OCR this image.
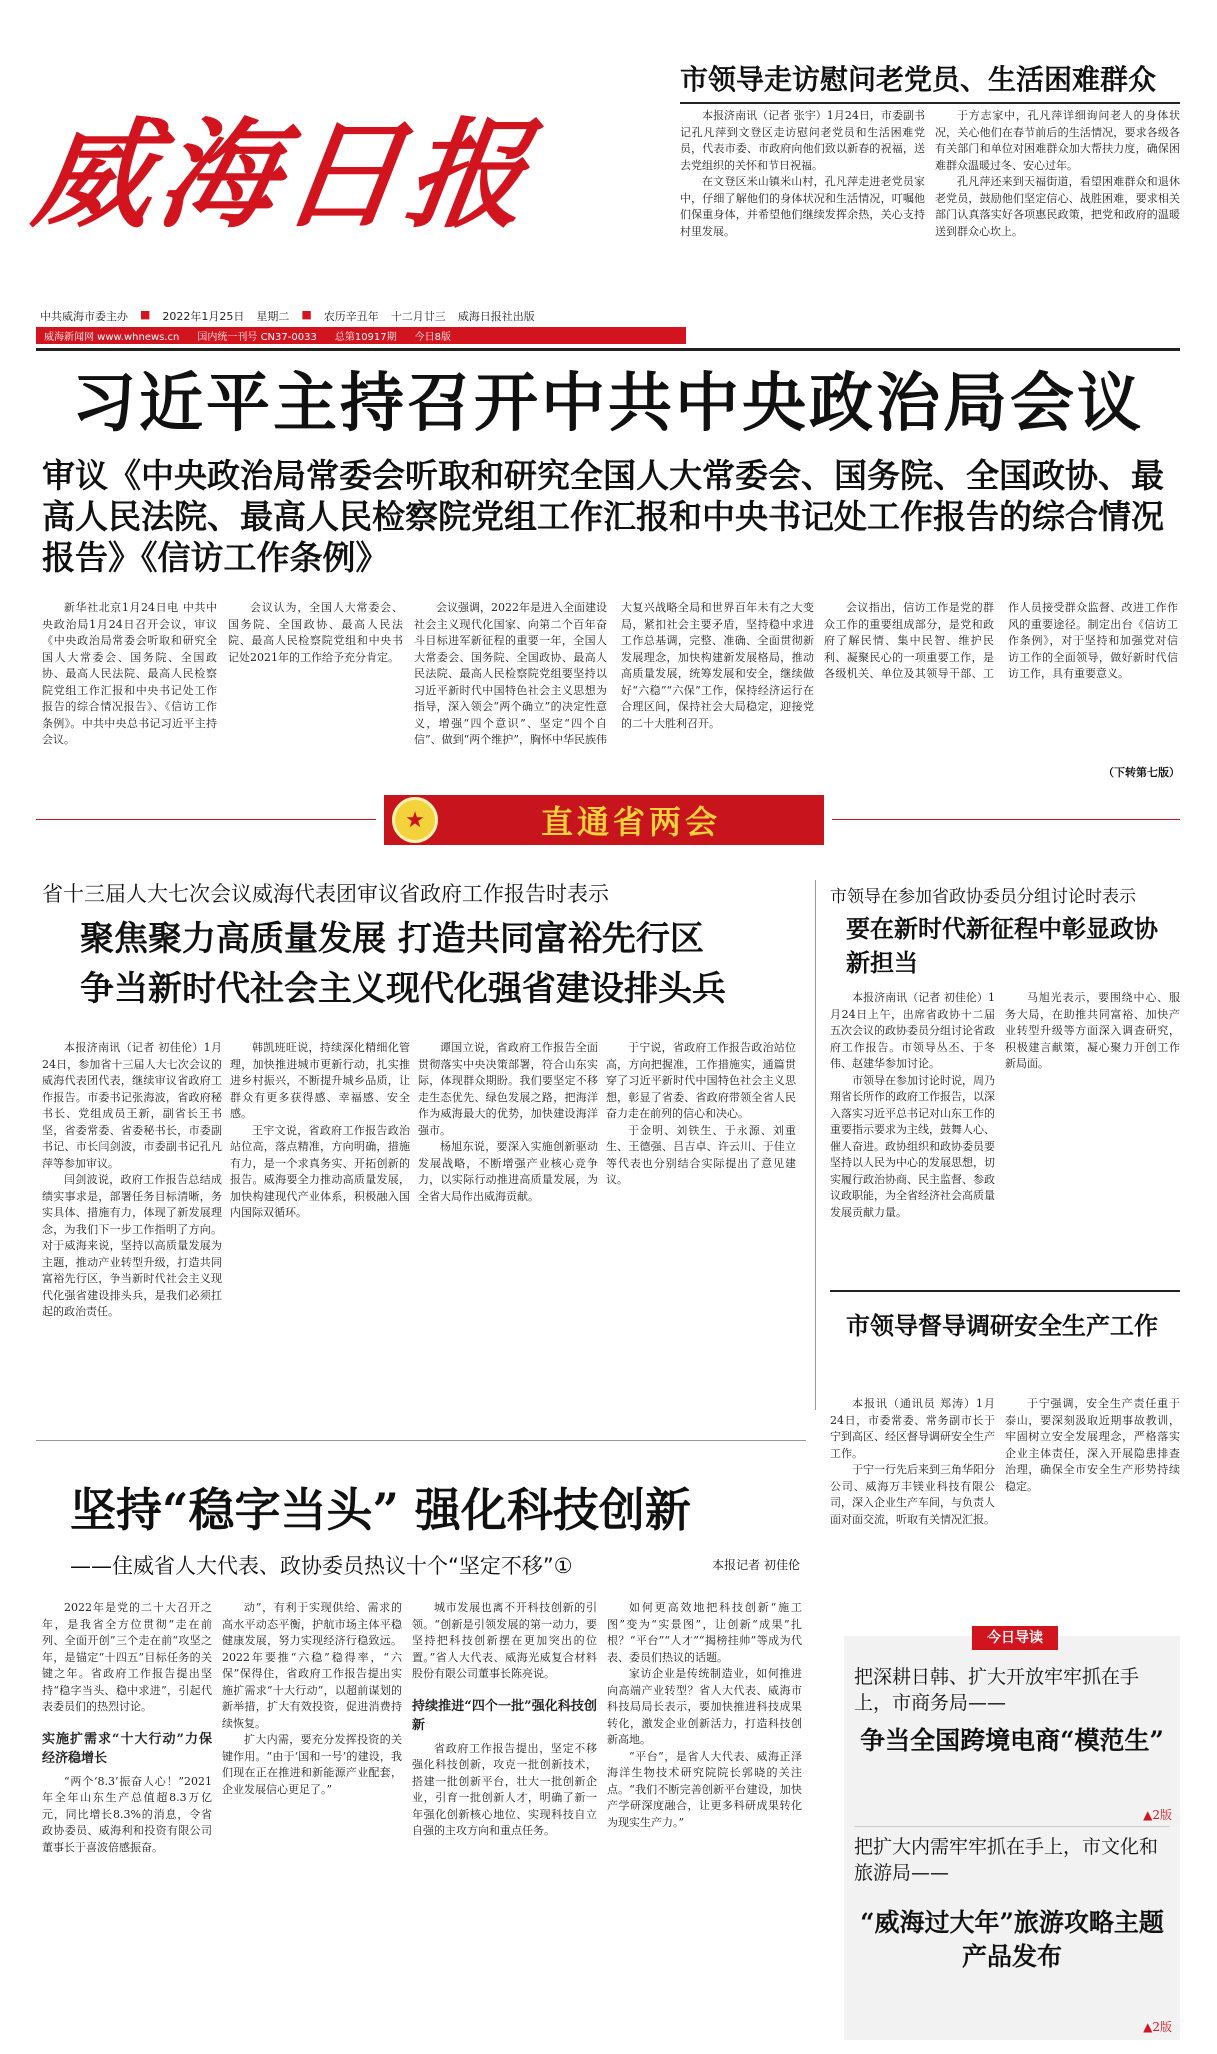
威海日报
中共威海市委主办 ■ 2022年1月25日 星期二 ■ 农历辛丑年 十二月廿三 威海日报社出版
威海新闻网 www.whnews.cn 国内统一刊号 CN37-0033 总第10917期 今日8版
市领导走访慰问老党员、生活困难群众

本报济南讯（记者 张宇）1月24日，市委副书记孔凡萍到文登区走访慰问老党员和生活困难党员，代表市委、市政府向他们致以新春的祝福，送去党组织的关怀和节日祝福。

在文登区米山镇米山村，孔凡萍走进老党员家中，仔细了解他们的身体状况和生活情况，叮嘱他们保重身体，并希望他们继续发挥余热，关心支持村里发展。

于方志家中，孔凡萍详细询问老人的身体状况，关心他们在春节前后的生活情况，要求各级各有关部门和单位对困难群众加大帮扶力度，确保困难群众温暖过冬、安心过年。

孔凡萍还来到天福街道，看望困难群众和退休老党员，鼓励他们坚定信心、战胜困难，要求相关部门认真落实好各项惠民政策，把党和政府的温暖送到群众心坎上。

习近平主持召开中共中央政治局会议
审议《中央政治局常委会听取和研究全国人大常委会、国务院、全国政协、最高人民法院、最高人民检察院党组工作汇报和中央书记处工作报告的综合情况报告》《信访工作条例》

新华社北京1月24日电 中共中央政治局1月24日召开会议，审议《中央政治局常委会听取和研究全国人大常委会、国务院、全国政协、最高人民法院、最高人民检察院党组工作汇报和中央书记处工作报告的综合情况报告》、《信访工作条例》。中共中央总书记习近平主持会议。

会议认为，全国人大常委会、国务院、全国政协、最高人民法院、最高人民检察院党组和中央书记处2021年的工作给予充分肯定。

会议强调，2022年是进入全面建设社会主义现代化国家、向第二个百年奋斗目标进军新征程的重要一年，全国人大常委会、国务院、全国政协、最高人民法院、最高人民检察院党组要坚持以习近平新时代中国特色社会主义思想为指导，深入领会“两个确立”的决定性意义，增强“四个意识”、坚定“四个自信”、做到“两个维护”，胸怀中华民族伟大复兴战略全局和世界百年未有之大变局，紧扣社会主要矛盾，坚持稳中求进工作总基调，完整、准确、全面贯彻新发展理念，加快构建新发展格局，推动高质量发展，统筹发展和安全，继续做好“六稳”“六保”工作，保持经济运行在合理区间，保持社会大局稳定，迎接党的二十大胜利召开。

会议指出，信访工作是党的群众工作的重要组成部分，是党和政府了解民情、集中民智、维护民利、凝聚民心的一项重要工作，是各级机关、单位及其领导干部、工作人员接受群众监督、改进工作作风的重要途径。制定出台《信访工作条例》，对于坚持和加强党对信访工作的全面领导，做好新时代信访工作，具有重要意义。

（下转第七版）
★	直通省两会
省十三届人大七次会议威海代表团审议省政府工作报告时表示
聚焦聚力高质量发展 打造共同富裕先行区
争当新时代社会主义现代化强省建设排头兵

本报济南讯（记者 初佳伦）1月24日，参加省十三届人大七次会议的威海代表团代表，继续审议省政府工作报告。市委书记张海波，省政府秘书长、党组成员王新，副省长王书坚，省委常委、省委秘书长，市委副书记、市长闫剑波，市委副书记孔凡萍等参加审议。

闫剑波说，政府工作报告总结成绩实事求是，部署任务目标清晰，务实具体、措施有力，体现了新发展理念，为我们下一步工作指明了方向。对于威海来说，坚持以高质量发展为主题，推动产业转型升级，打造共同富裕先行区，争当新时代社会主义现代化强省建设排头兵，是我们必须扛起的政治责任。

韩凯班旺说，持续深化精细化管理，加快推进城市更新行动，扎实推进乡村振兴，不断提升城乡品质，让群众有更多获得感、幸福感、安全感。

王宇文说，省政府工作报告政治站位高，落点精准，方向明确，措施有力，是一个求真务实、开拓创新的报告。威海要全力推动高质量发展，加快构建现代产业体系，积极融入国内国际双循环。

谭国立说，省政府工作报告全面贯彻落实中央决策部署，符合山东实际，体现群众期盼。我们要坚定不移走生态优先、绿色发展之路，把海洋作为威海最大的优势，加快建设海洋强市。

杨旭东说，要深入实施创新驱动发展战略，不断增强产业核心竞争力，以实际行动推进高质量发展，为全省大局作出威海贡献。

于宁说，省政府工作报告政治站位高，方向把握准，工作措施实，通篇贯穿了习近平新时代中国特色社会主义思想，彰显了省委、省政府带领全省人民奋力走在前列的信心和决心。

于金明、刘铁生、于永源、刘重生、王德强、吕吉卓、许云川、于佳立等代表也分别结合实际提出了意见建议。

市领导在参加省政协委员分组讨论时表示
要在新时代新征程中彰显政协新担当

本报济南讯（记者 初佳伦）1月24日上午，出席省政协十二届五次会议的政协委员分组讨论省政府工作报告。市领导丛丕、于冬伟、赵建华参加讨论。

市领导在参加讨论时说，周乃翔省长所作的政府工作报告，以深入落实习近平总书记对山东工作的重要指示要求为主线，鼓舞人心、催人奋进。政协组织和政协委员要坚持以人民为中心的发展思想，切实履行政治协商、民主监督、参政议政职能，为全省经济社会高质量发展贡献力量。

马旭光表示，要围绕中心、服务大局，在助推共同富裕、加快产业转型升级等方面深入调查研究，积极建言献策，凝心聚力开创工作新局面。

市领导督导调研安全生产工作

本报讯（通讯员 郑涛）1月24日，市委常委、常务副市长于宁到高区、经区督导调研安全生产工作。

于宁一行先后来到三角华阳分公司、威海万丰镁业科技有限公司，深入企业生产车间，与负责人面对面交流，听取有关情况汇报。

于宁强调，安全生产责任重于泰山，要深刻汲取近期事故教训，牢固树立安全发展理念，严格落实企业主体责任，深入开展隐患排查治理，确保全市安全生产形势持续稳定。

坚持“稳字当头” 强化科技创新
——住威省人大代表、政协委员热议十个“坚定不移”①	本报记者 初佳伦

2022年是党的二十大召开之年，是我省全方位贯彻“走在前列、全面开创”三个走在前“攻坚之年，是锚定“十四五”目标任务的关键之年。省政府工作报告提出坚持“稳字当头、稳中求进”，引起代表委员们的热烈讨论。

实施扩需求“十大行动”力保经济稳增长

“两个‘8.3’振奋人心！”2021年全年山东生产总值超8.3万亿元，同比增长8.3%的消息，令省政协委员、威海利和投资有限公司董事长于喜波倍感振奋。

动”，有利于实现供给、需求的高水平动态平衡，护航市场主体平稳健康发展，努力实现经济行稳致远。2022年要推“六稳”稳得率，“六保”保得住，省政府工作报告提出实施扩需求“十大行动”，以超前谋划的新举措，扩大有效投资，促进消费持续恢复。

扩大内需，要充分发挥投资的关键作用。“由于‘国和一号’的建设，我们现在正在推进和新能源产业配套，企业发展信心更足了。”

城市发展也离不开科技创新的引领。“创新是引领发展的第一动力，要坚持把科技创新摆在更加突出的位置。”省人大代表、威海光威复合材料股份有限公司董事长陈亮说。

持续推进“四个一批”强化科技创新

省政府工作报告提出，坚定不移强化科技创新，攻克一批创新技术，搭建一批创新平台，壮大一批创新企业，引育一批创新人才，明确了新一年强化创新核心地位、实现科技自立自强的主攻方向和重点任务。

如何更高效地把科技创新“施工图”变为“实景图”，让创新“成果”扎根？“平台”“人才”“揭榜挂帅”等成为代表、委员们热议的话题。

家访企业是传统制造业，如何推进向高端产业转型？省人大代表、威海市科技局局长表示，要加快推进科技成果转化，激发企业创新活力，打造科技创新高地。

“平台”，是省人大代表、威海正泽海洋生物技术研究院院长郭晓的关注点。“我们不断完善创新平台建设，加快产学研深度融合，让更多科研成果转化为现实生产力。”

今日导读
把深耕日韩、扩大开放牢牢抓在手上，市商务局——
争当全国跨境电商“模范生”
▲2版
把扩大内需牢牢抓在手上，市文化和旅游局——
“威海过大年”旅游攻略主题产品发布
▲2版
